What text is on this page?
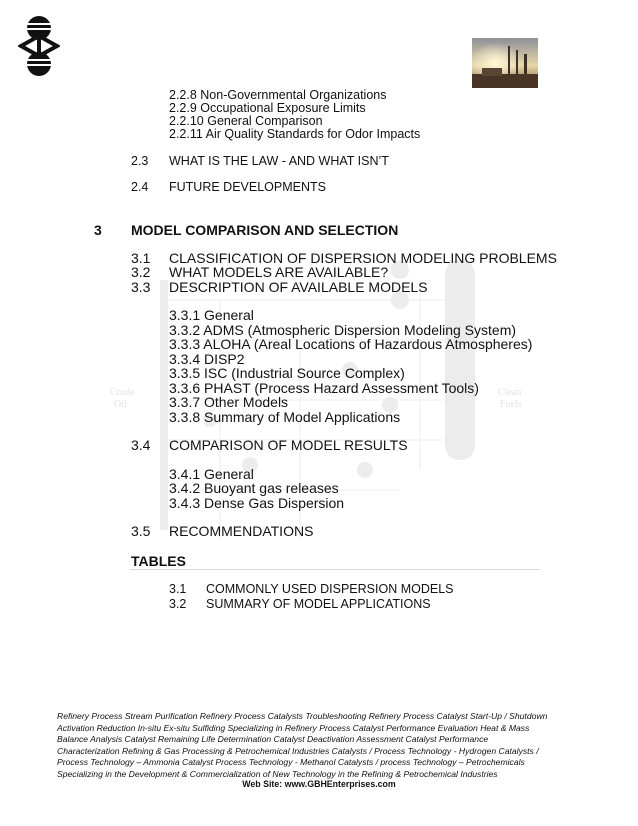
Crude
Oil
Clean
Fuels
2.2.8 Non-Governmental Organizations
2.2.9 Occupational Exposure Limits
2.2.10 General Comparison
2.2.11 Air Quality Standards for Odor Impacts
2.3 WHAT IS THE LAW - AND WHAT ISN’T
2.4 FUTURE DEVELOPMENTS
3 MODEL COMPARISON AND SELECTION
3.1 CLASSIFICATION OF DISPERSION MODELING PROBLEMS
3.2 WHAT MODELS ARE AVAILABLE?
3.3 DESCRIPTION OF AVAILABLE MODELS
3.3.1 General
3.3.2 ADMS (Atmospheric Dispersion Modeling System)
3.3.3 ALOHA (Areal Locations of Hazardous Atmospheres)
3.3.4 DISP2
3.3.5 ISC (Industrial Source Complex)
3.3.6 PHAST (Process Hazard Assessment Tools)
3.3.7 Other Models
3.3.8 Summary of Model Applications
3.4 COMPARISON OF MODEL RESULTS
3.4.1 General
3.4.2 Buoyant gas releases
3.4.3 Dense Gas Dispersion
3.5 RECOMMENDATIONS
TABLES
3.1 COMMONLY USED DISPERSION MODELS
3.2 SUMMARY OF MODEL APPLICATIONS
Refinery Process Stream Purification Refinery Process Catalysts Troubleshooting Refinery Process Catalyst Start-Up / Shutdown
Activation Reduction In-situ Ex-situ Sulfiding Specializing in Refinery Process Catalyst Performance Evaluation Heat & Mass
Balance Analysis Catalyst Remaining Life Determination Catalyst Deactivation Assessment Catalyst Performance
Characterization Refining & Gas Processing & Petrochemical Industries Catalysts / Process Technology - Hydrogen Catalysts /
Process Technology – Ammonia Catalyst Process Technology - Methanol Catalysts / process Technology – Petrochemicals
Specializing in the Development & Commercialization of New Technology in the Refining & Petrochemical Industries
Web Site: www.GBHEnterprises.com
